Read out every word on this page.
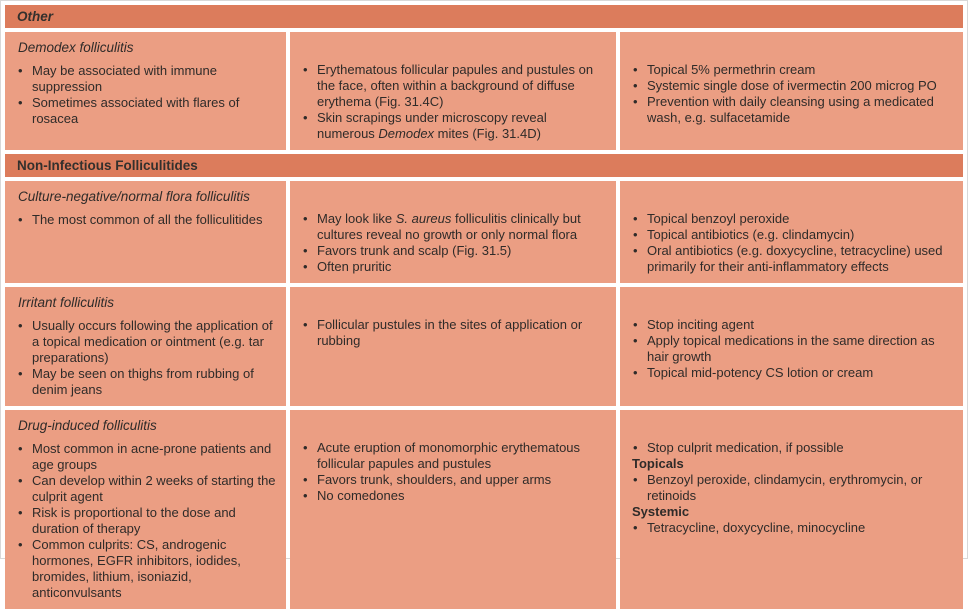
Other
Demodex folliculitis
• May be associated with immune suppression
• Sometimes associated with flares of rosacea
• Erythematous follicular papules and pustules on the face, often within a background of diffuse erythema (Fig. 31.4C)
• Skin scrapings under microscopy reveal numerous Demodex mites (Fig. 31.4D)
• Topical 5% permethrin cream
• Systemic single dose of ivermectin 200 microg PO
• Prevention with daily cleansing using a medicated wash, e.g. sulfacetamide
Non-Infectious Folliculitides
Culture-negative/normal flora folliculitis
• The most common of all the folliculitides	• May look like S. aureus folliculitis clinically but cultures reveal no growth or only normal flora
• Favors trunk and scalp (Fig. 31.5)
• Often pruritic
• Topical benzoyl peroxide
• Topical antibiotics (e.g. clindamycin)
• Oral antibiotics (e.g. doxycycline, tetracycline) used primarily for their anti-inflammatory effects
Irritant folliculitis
• Usually occurs following the application of a topical medication or ointment (e.g. tar preparations)
• May be seen on thighs from rubbing of denim jeans
• Follicular pustules in the sites of application or rubbing
• Stop inciting agent
• Apply topical medications in the same direction as hair growth
• Topical mid-potency CS lotion or cream
Drug-induced folliculitis
• Most common in acne-prone patients and age groups
• Can develop within 2 weeks of starting the culprit agent
• Risk is proportional to the dose and duration of therapy
• Common culprits: CS, androgenic hormones, EGFR inhibitors, iodides, bromides, lithium, isoniazid, anticonvulsants
• Acute eruption of monomorphic erythematous follicular papules and pustules
• Favors trunk, shoulders, and upper arms
• No comedones
• Stop culprit medication, if possible
Topicals
• Benzoyl peroxide, clindamycin, erythromycin, or retinoids
Systemic
• Tetracycline, doxycycline, minocycline
